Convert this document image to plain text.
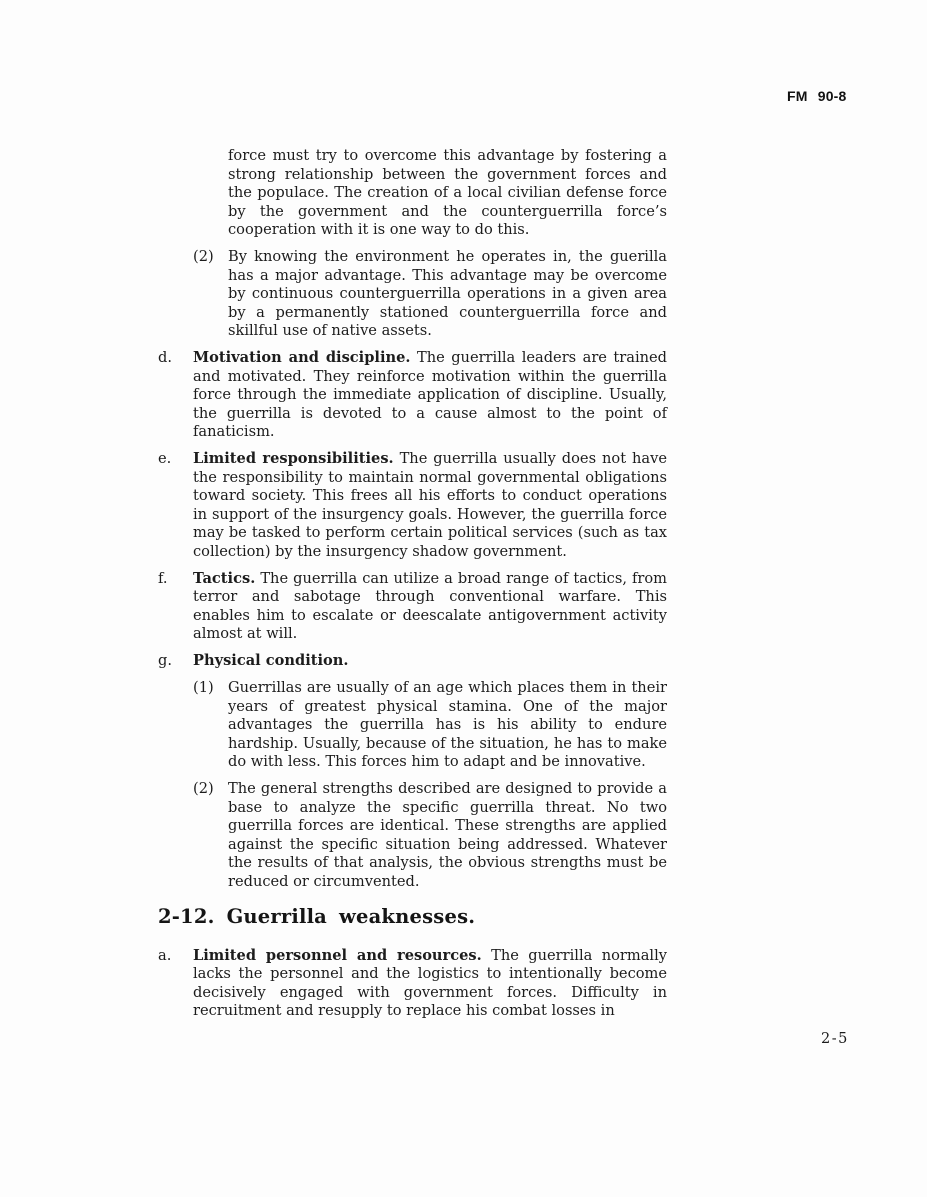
FM 90-8

force must try to overcome this advantage by fostering a strong relationship between the government forces and the populace. The creation of a local civilian defense force by the government and the counterguerrilla force’s cooperation with it is one way to do this.

(2) By knowing the environment he operates in, the guerilla has a major advantage. This advantage may be overcome by continuous counterguerrilla operations in a given area by a permanently stationed counterguerrilla force and skillful use of native assets.

d. Motivation and discipline. The guerrilla leaders are trained and motivated. They reinforce motivation within the guerrilla force through the immediate application of discipline. Usually, the guerrilla is devoted to a cause almost to the point of fanaticism.

e. Limited responsibilities. The guerrilla usually does not have the responsibility to maintain normal governmental obligations toward society. This frees all his efforts to conduct operations in support of the insurgency goals. However, the guerrilla force may be tasked to perform certain political services (such as tax collection) by the insurgency shadow government.

f. Tactics. The guerrilla can utilize a broad range of tactics, from terror and sabotage through conventional warfare. This enables him to escalate or deescalate antigovernment activity almost at will.

g. Physical condition.

(1) Guerrillas are usually of an age which places them in their years of greatest physical stamina. One of the major advantages the guerrilla has is his ability to endure hardship. Usually, because of the situation, he has to make do with less. This forces him to adapt and be innovative.

(2) The general strengths described are designed to provide a base to analyze the specific guerrilla threat. No two guerrilla forces are identical. These strengths are applied against the specific situation being addressed. Whatever the results of that analysis, the obvious strengths must be reduced or circumvented.

2-12. Guerrilla weaknesses.
a. Limited personnel and resources. The guerrilla normally lacks the personnel and the logistics to intentionally become decisively engaged with government forces. Difficulty in recruitment and resupply to replace his combat losses in

2-5
